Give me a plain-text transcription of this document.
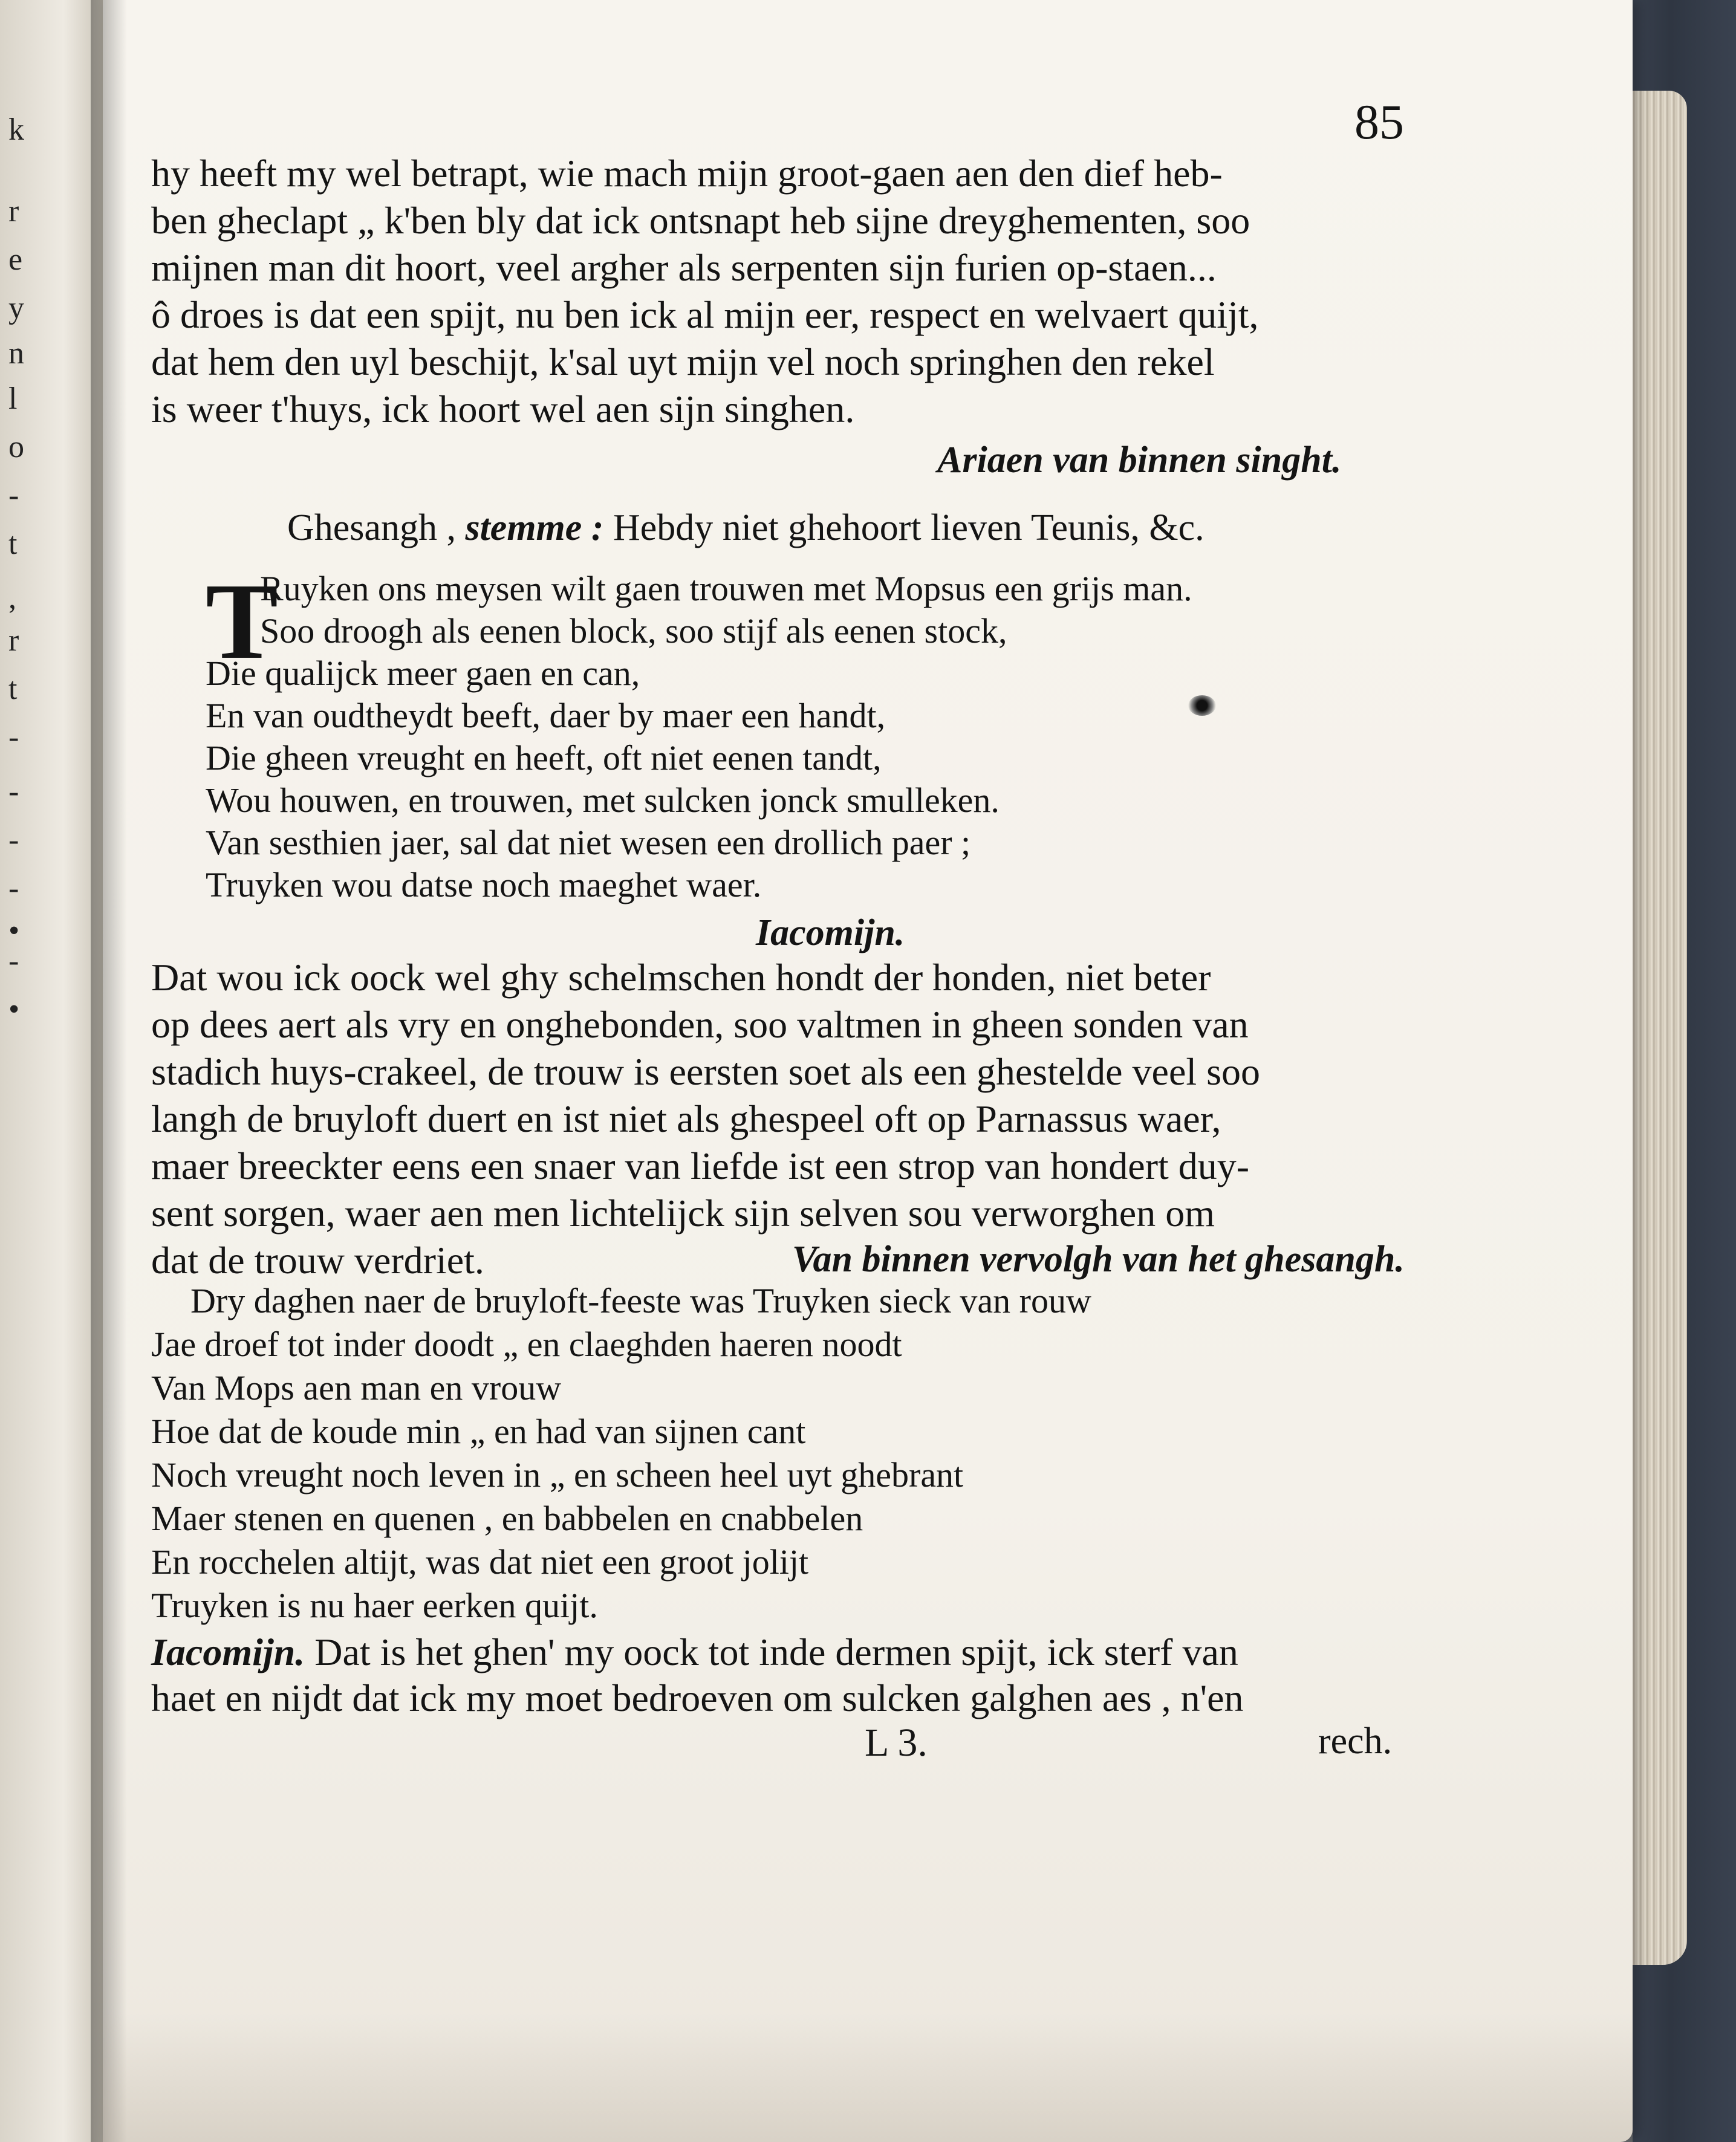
k
r
e
y
n
l
o
-
t
,
r
t
-
-
-
-
•
-
•
85
hy heeft my wel betrapt, wie mach mijn groot-gaen aen den dief heb-
ben gheclapt „ k'ben bly dat ick ontsnapt heb sijne dreyghementen, soo
mijnen man dit hoort, veel argher als serpenten sijn furien op-staen...
ô droes is dat een spijt, nu ben ick al mijn eer, respect en welvaert quijt,
dat hem den uyl beschijt, k'sal uyt mijn vel noch springhen den rekel
is weer t'huys, ick hoort wel aen sijn singhen.
Ariaen van binnen singht.
Ghesangh , stemme : Hebdy niet ghehoort lieven Teunis, &c.
T
Ruyken ons meysen wilt gaen trouwen met Mopsus een grijs man.
Soo droogh als eenen block, soo stijf als eenen stock,
Die qualijck meer gaen en can,
En van oudtheydt beeft, daer by maer een handt,
Die gheen vreught en heeft, oft niet eenen tandt,
Wou houwen, en trouwen, met sulcken jonck smulleken.
Van sesthien jaer, sal dat niet wesen een drollich paer ;
Truyken wou datse noch maeghet waer.
Iacomijn.
Dat wou ick oock wel ghy schelmschen hondt der honden, niet beter
op dees aert als vry en onghebonden, soo valtmen in gheen sonden van
stadich huys-crakeel, de trouw is eersten soet als een ghestelde veel soo
langh de bruyloft duert en ist niet als ghespeel oft op Parnassus waer,
maer breeckter eens een snaer van liefde ist een strop van hondert duy-
sent sorgen, waer aen men lichtelijck sijn selven sou verworghen om
dat de trouw verdriet.	Van binnen vervolgh van het ghesangh.
Dry daghen naer de bruyloft-feeste was Truyken sieck van rouw
Jae droef tot inder doodt „ en claeghden haeren noodt
Van Mops aen man en vrouw
Hoe dat de koude min „ en had van sijnen cant
Noch vreught noch leven in „ en scheen heel uyt ghebrant
Maer stenen en quenen , en babbelen en cnabbelen
En rocchelen altijt, was dat niet een groot jolijt
Truyken is nu haer eerken quijt.
Iacomijn. Dat is het ghen' my oock tot inde dermen spijt, ick sterf van
haet en nijdt dat ick my moet bedroeven om sulcken galghen aes , n'en
L 3.	rech.
